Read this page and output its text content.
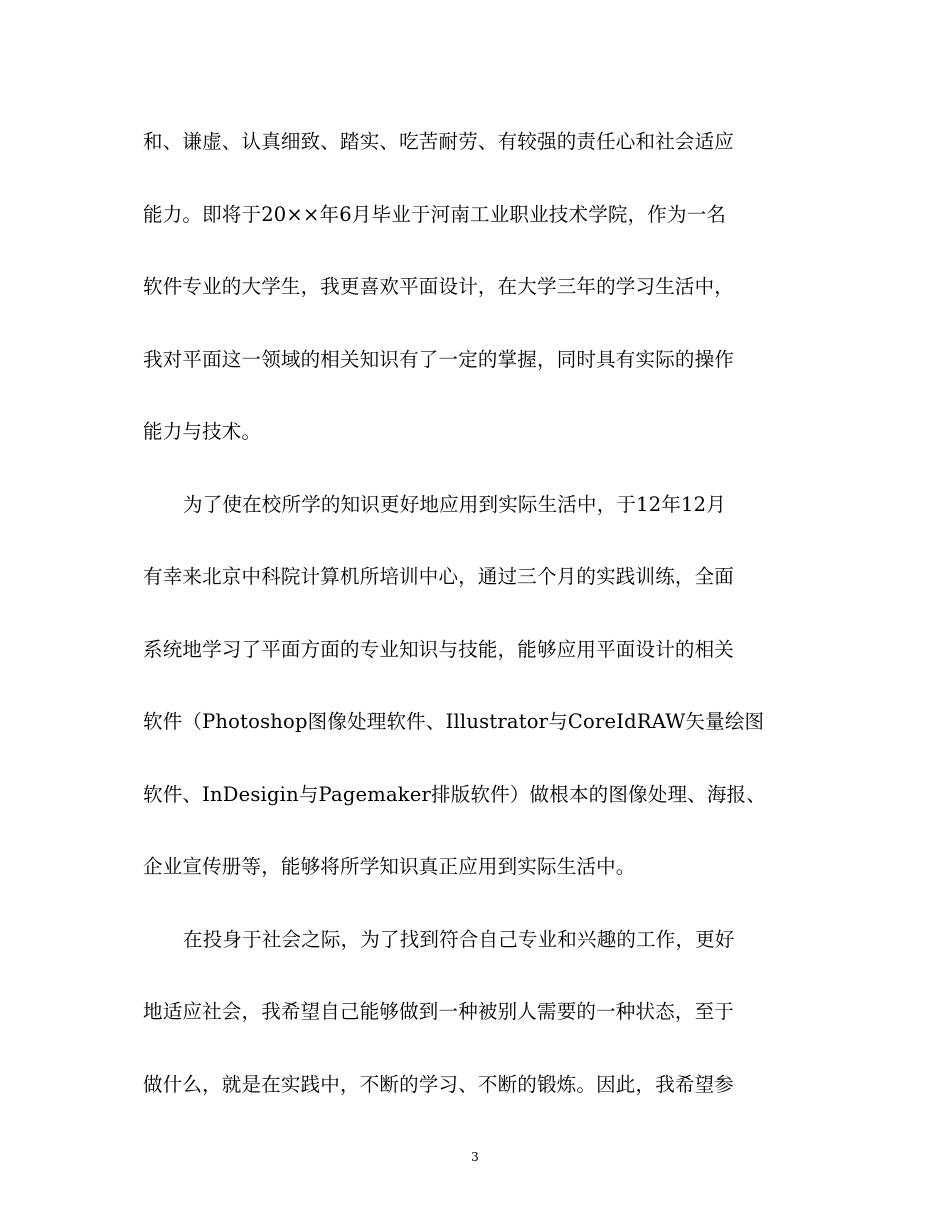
和、谦虚、认真细致、踏实、吃苦耐劳、有较强的责任心和社会适应
能力。即将于20××年6月毕业于河南工业职业技术学院，作为一名
软件专业的大学生，我更喜欢平面设计，在大学三年的学习生活中，
我对平面这一领域的相关知识有了一定的掌握，同时具有实际的操作
能力与技术。
为了使在校所学的知识更好地应用到实际生活中，于12年12月
有幸来北京中科院计算机所培训中心，通过三个月的实践训练，全面
系统地学习了平面方面的专业知识与技能，能够应用平面设计的相关
软件（Photoshop图像处理软件、Illustrator与CoreIdRAW矢量绘图
软件、InDesigin与Pagemaker排版软件）做根本的图像处理、海报、
企业宣传册等，能够将所学知识真正应用到实际生活中。
在投身于社会之际，为了找到符合自己专业和兴趣的工作，更好
地适应社会，我希望自己能够做到一种被别人需要的一种状态，至于
做什么，就是在实践中，不断的学习、不断的锻炼。因此，我希望参
3
